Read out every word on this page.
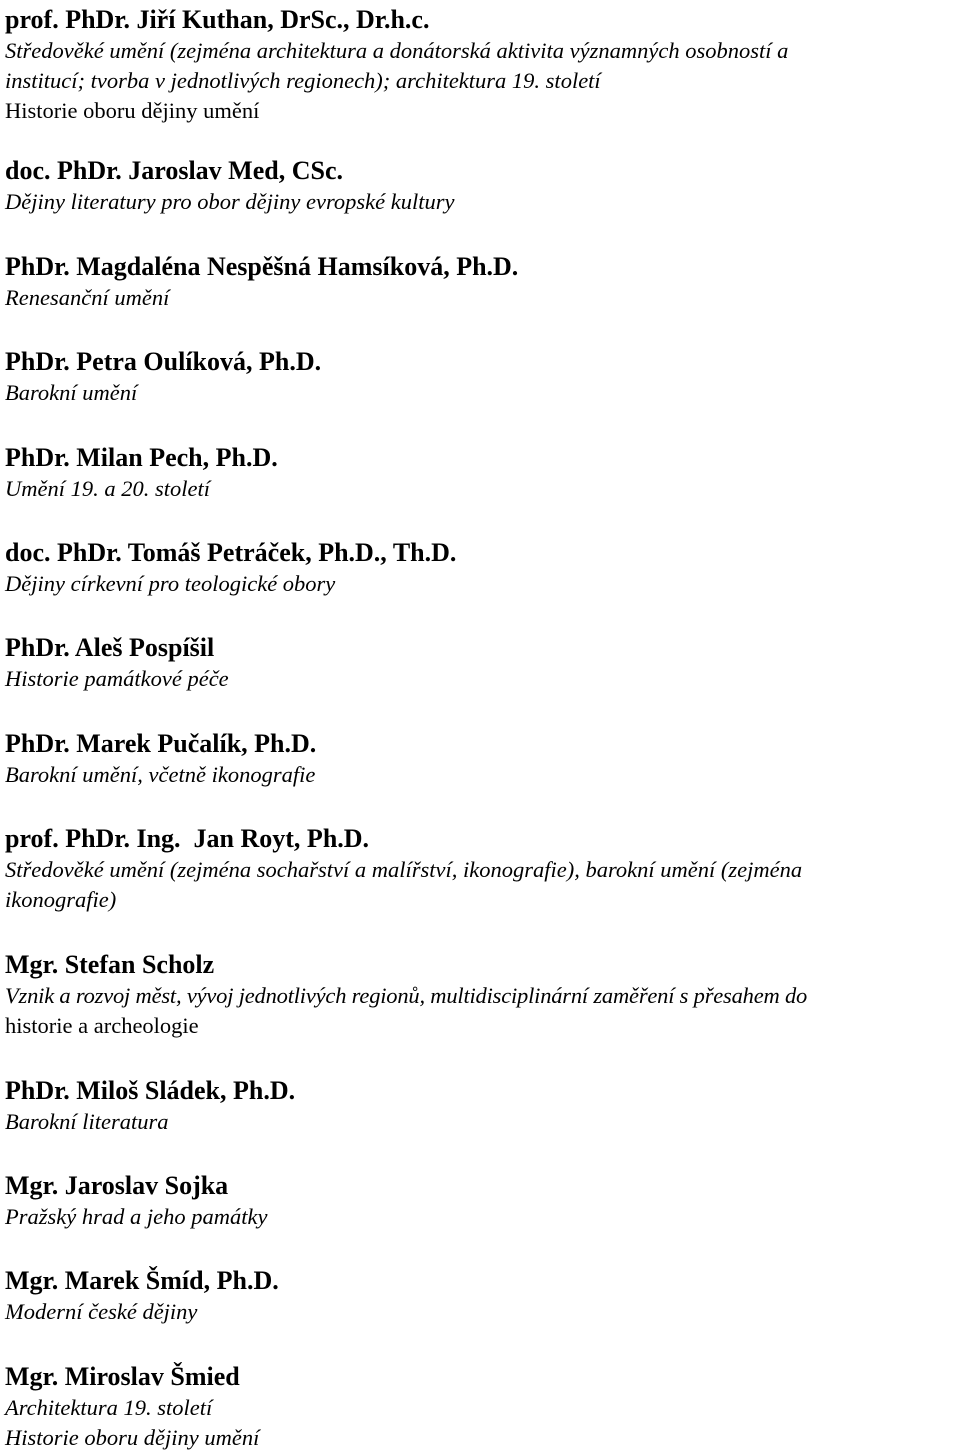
prof. PhDr. Jiří Kuthan, DrSc., Dr.h.c.

Středověké umění (zejména architektura a donátorská aktivita významných osobností a

institucí; tvorba v jednotlivých regionech); architektura 19. století

Historie oboru dějiny umění

doc. PhDr. Jaroslav Med, CSc.

Dějiny literatury pro obor dějiny evropské kultury

PhDr. Magdaléna Nespěšná Hamsíková, Ph.D.

Renesanční umění

PhDr. Petra Oulíková, Ph.D.

Barokní umění

PhDr. Milan Pech, Ph.D.

Umění 19. a 20. století

doc. PhDr. Tomáš Petráček, Ph.D., Th.D.

Dějiny církevní pro teologické obory

PhDr. Aleš Pospíšil

Historie památkové péče

PhDr. Marek Pučalík, Ph.D.

Barokní umění, včetně ikonografie

prof. PhDr. Ing.  Jan Royt, Ph.D.

Středověké umění (zejména sochařství a malířství, ikonografie), barokní umění (zejména

ikonografie)

Mgr. Stefan Scholz

Vznik a rozvoj měst, vývoj jednotlivých regionů, multidisciplinární zaměření s přesahem do

historie a archeologie

PhDr. Miloš Sládek, Ph.D.

Barokní literatura

Mgr. Jaroslav Sojka

Pražský hrad a jeho památky

Mgr. Marek Šmíd, Ph.D.

Moderní české dějiny

Mgr. Miroslav Šmied

Architektura 19. století

Historie oboru dějiny umění
